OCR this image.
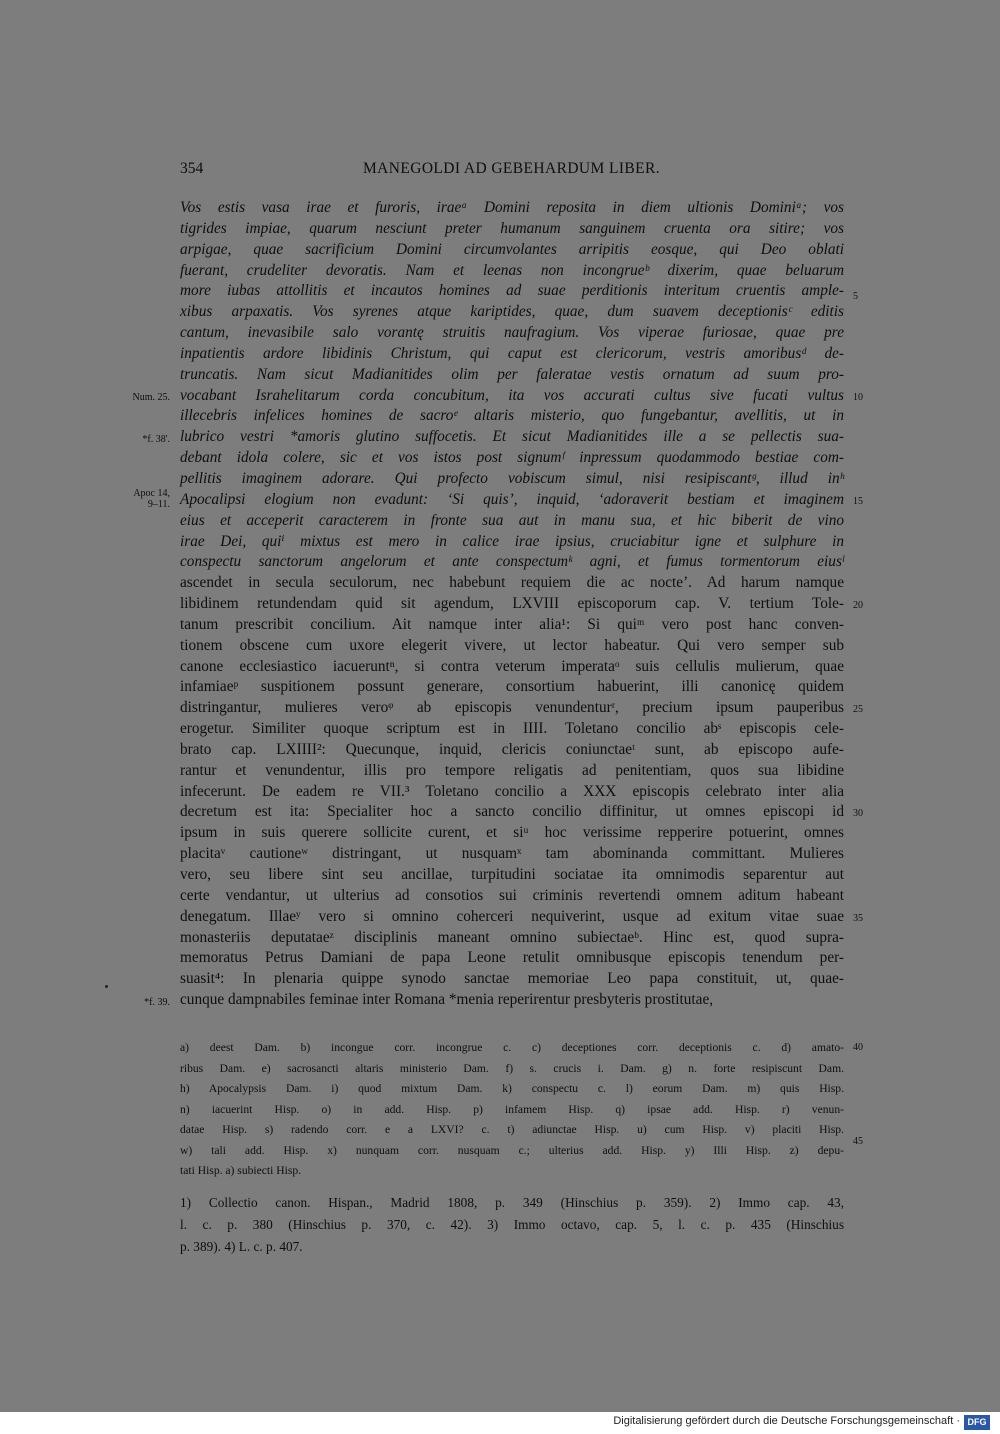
354	MANEGOLDI AD GEBEHARDUM LIBER.
Vos estis vasa irae et furoris, iraeᵃ Domini reposita in diem ultionis Dominiᵃ; vos
tigrides impiae, quarum nesciunt preter humanum sanguinem cruenta ora sitire; vos
arpigae, quae sacrificium Domini circumvolantes arripitis eosque, qui Deo oblati
fuerant, crudeliter devoratis. Nam et leenas non incongrueᵇ dixerim, quae beluarum
more iubas attollitis et incautos homines ad suae perditionis interitum cruentis ample-
xibus arpaxatis. Vos syrenes atque kariptides, quae, dum suavem deceptionisᶜ editis
cantum, inevasibile salo vorantę struitis naufragium. Vos viperae furiosae, quae pre
inpatientis ardore libidinis Christum, qui caput est clericorum, vestris amoribusᵈ de-
truncatis. Nam sicut Madianitides olim per faleratae vestis ornatum ad suum pro-
vocabant Israhelitarum corda concubitum, ita vos accurati cultus sive fucati vultus
illecebris infelices homines de sacroᵉ altaris misterio, quo fungebantur, avellitis, ut in
lubrico vestri *amoris glutino suffocetis. Et sicut Madianitides ille a se pellectis sua-
debant idola colere, sic et vos istos post signumᶠ inpressum quodammodo bestiae com-
pellitis imaginem adorare. Qui profecto vobiscum simul, nisi resipiscantᵍ, illud inʰ
Apocalipsi elogium non evadunt: ‘Si quis’, inquid, ‘adoraverit bestiam et imaginem
eius et acceperit caracterem in fronte sua aut in manu sua, et hic biberit de vino
irae Dei, quiⁱ mixtus est mero in calice irae ipsius, cruciabitur igne et sulphure in
conspectu sanctorum angelorum et ante conspectumᵏ agni, et fumus tormentorum eiusˡ
ascendet in secula seculorum, nec habebunt requiem die ac nocte’. Ad harum namque
libidinem retundendam quid sit agendum, LXVIII episcoporum cap. V. tertium Tole-
tanum prescribit concilium. Ait namque inter alia¹: Si quiᵐ vero post hanc conven-
tionem obscene cum uxore elegerit vivere, ut lector habeatur. Qui vero semper sub
canone ecclesiastico iacueruntⁿ, si contra veterum imperataᵒ suis cellulis mulierum, quae
infamiaeᵖ suspitionem possunt generare, consortium habuerint, illi canonicę quidem
distringantur, mulieres veroᵠ ab episcopis venundenturʳ, precium ipsum pauperibus
erogetur. Similiter quoque scriptum est in IIII. Toletano concilio abˢ episcopis cele-
brato cap. LXIIII²: Quecunque, inquid, clericis coniunctaeᵗ sunt, ab episcopo aufe-
rantur et venundentur, illis pro tempore religatis ad penitentiam, quos sua libidine
infecerunt. De eadem re VII.³ Toletano concilio a XXX episcopis celebrato inter alia
decretum est ita: Specialiter hoc a sancto concilio diffinitur, ut omnes episcopi id
ipsum in suis querere sollicite curent, et siᵘ hoc verissime repperire potuerint, omnes
placitaᵛ cautioneʷ distringant, ut nusquamˣ tam abominanda committant. Mulieres
vero, seu libere sint seu ancillae, turpitudini sociatae ita omnimodis separentur aut
certe vendantur, ut ulterius ad consotios sui criminis revertendi omnem aditum habeant
denegatum. Illaeʸ vero si omnino coherceri nequiverint, usque ad exitum vitae suae
monasteriis deputataeᶻ disciplinis maneant omnino subiectaeᵇ. Hinc est, quod supra-
memoratus Petrus Damiani de papa Leone retulit omnibusque episcopis tenendum per-
suasit⁴: In plenaria quippe synodo sanctae memoriae Leo papa constituit, ut, quae-
cunque dampnabiles feminae inter Romana *menia reperirentur presbyteris prostitutae,
Num. 25.
*f. 38'.
Apoc 14,
9–11.
*f. 39.
5
10
15
20
25
30
35
40
45
a) deest Dam. b) incongue corr. incongrue c. c) deceptiones corr. deceptionis c. d) amato-
ribus Dam. e) sacrosancti altaris ministerio Dam. f) s. crucis i. Dam. g) n. forte resipiscunt Dam.
h) Apocalypsis Dam. i) quod mixtum Dam. k) conspectu c. l) eorum Dam. m) quis Hisp.
n) iacuerint Hisp. o) in add. Hisp. p) infamem Hisp. q) ipsae add. Hisp. r) venun-
datae Hisp. s) radendo corr. e a LXVI? c. t) adiunctae Hisp. u) cum Hisp. v) placiti Hisp.
w) tali add. Hisp. x) nunquam corr. nusquam c.; ulterius add. Hisp. y) Illi Hisp. z) depu-
tati Hisp. a) subiecti Hisp.
1) Collectio canon. Hispan., Madrid 1808, p. 349 (Hinschius p. 359). 2) Immo cap. 43,
l. c. p. 380 (Hinschius p. 370, c. 42). 3) Immo octavo, cap. 5, l. c. p. 435 (Hinschius
p. 389). 4) L. c. p. 407.
Digitalisierung gefördert durch die Deutsche Forschungsgemeinschaft · DFG
